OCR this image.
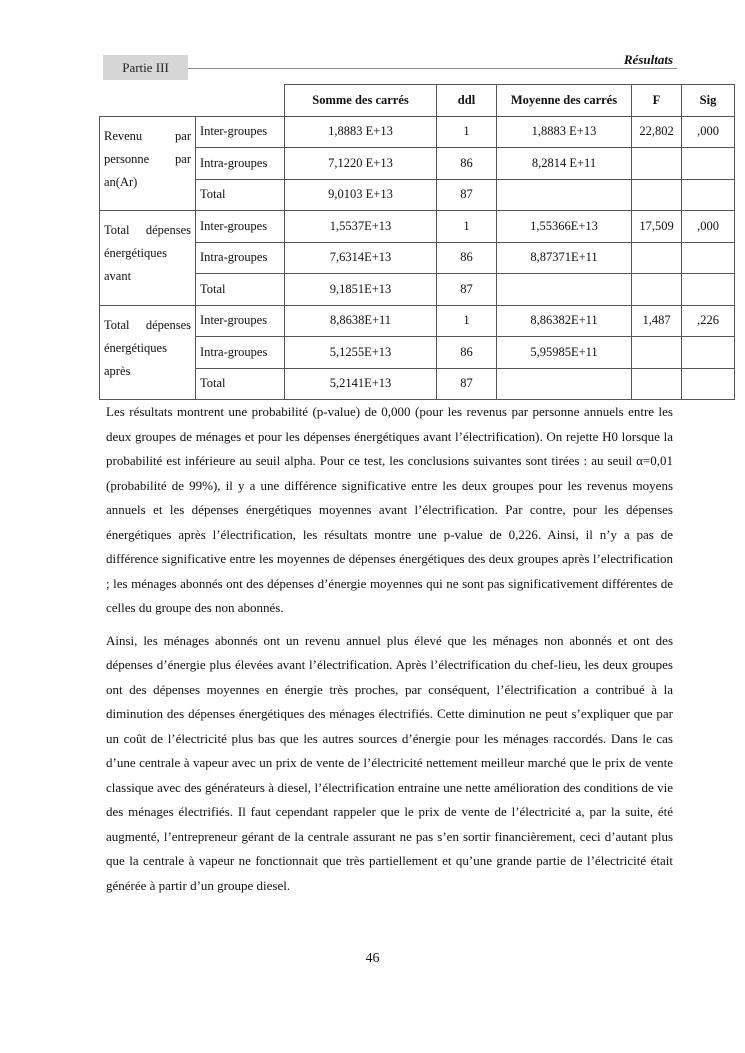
Partie III
Résultats
		Somme des carrés	ddl	Moyenne des carrés	F	Sig
Revenu par personne par an(Ar)	Inter-groupes	1,8883 E+13	1	1,8883 E+13	22,802	,000
	Intra-groupes	7,1220 E+13	86	8,2814 E+11		
	Total	9,0103 E+13	87			
Total dépenses énergétiques avant	Inter-groupes	1,5537E+13	1	1,55366E+13	17,509	,000
	Intra-groupes	7,6314E+13	86	8,87371E+11		
	Total	9,1851E+13	87			
Total dépenses énergétiques après	Inter-groupes	8,8638E+11	1	8,86382E+11	1,487	,226
	Intra-groupes	5,1255E+13	86	5,95985E+11		
	Total	5,2141E+13	87			

Les résultats montrent une probabilité (p-value) de 0,000 (pour les revenus par personne annuels entre les deux groupes de ménages et pour les dépenses énergétiques avant l’électrification). On rejette H0 lorsque la probabilité est inférieure au seuil alpha. Pour ce test, les conclusions suivantes sont tirées : au seuil α=0,01 (probabilité de 99%), il y a une différence significative entre les deux groupes pour les revenus moyens annuels et les dépenses énergétiques moyennes avant l’électrification. Par contre, pour les dépenses énergétiques après l’électrification, les résultats montre une p-value de 0,226. Ainsi, il n’y a pas de différence significative entre les moyennes de dépenses énergétiques des deux groupes après l’electrification ; les ménages abonnés ont des dépenses d’énergie moyennes qui ne sont pas significativement différentes de celles du groupe des non abonnés.

Ainsi, les ménages abonnés ont un revenu annuel plus élevé que les ménages non abonnés et ont des dépenses d’énergie plus élevées avant l’électrification. Après l’électrification du chef-lieu, les deux groupes ont des dépenses moyennes en énergie très proches, par conséquent, l’électrification a contribué à la diminution des dépenses énergétiques des ménages électrifiés. Cette diminution ne peut s’expliquer que par un coût de l’électricité plus bas que les autres sources d’énergie pour les ménages raccordés. Dans le cas d’une centrale à vapeur avec un prix de vente de l’électricité nettement meilleur marché que le prix de vente classique avec des générateurs à diesel, l’électrification entraine une nette amélioration des conditions de vie des ménages électrifiés. Il faut cependant rappeler que le prix de vente de l’électricité a, par la suite, été augmenté, l’entrepreneur gérant de la centrale assurant ne pas s’en sortir financièrement, ceci d’autant plus que la centrale à vapeur ne fonctionnait que très partiellement et qu’une grande partie de l’électricité était générée à partir d’un groupe diesel.

46
